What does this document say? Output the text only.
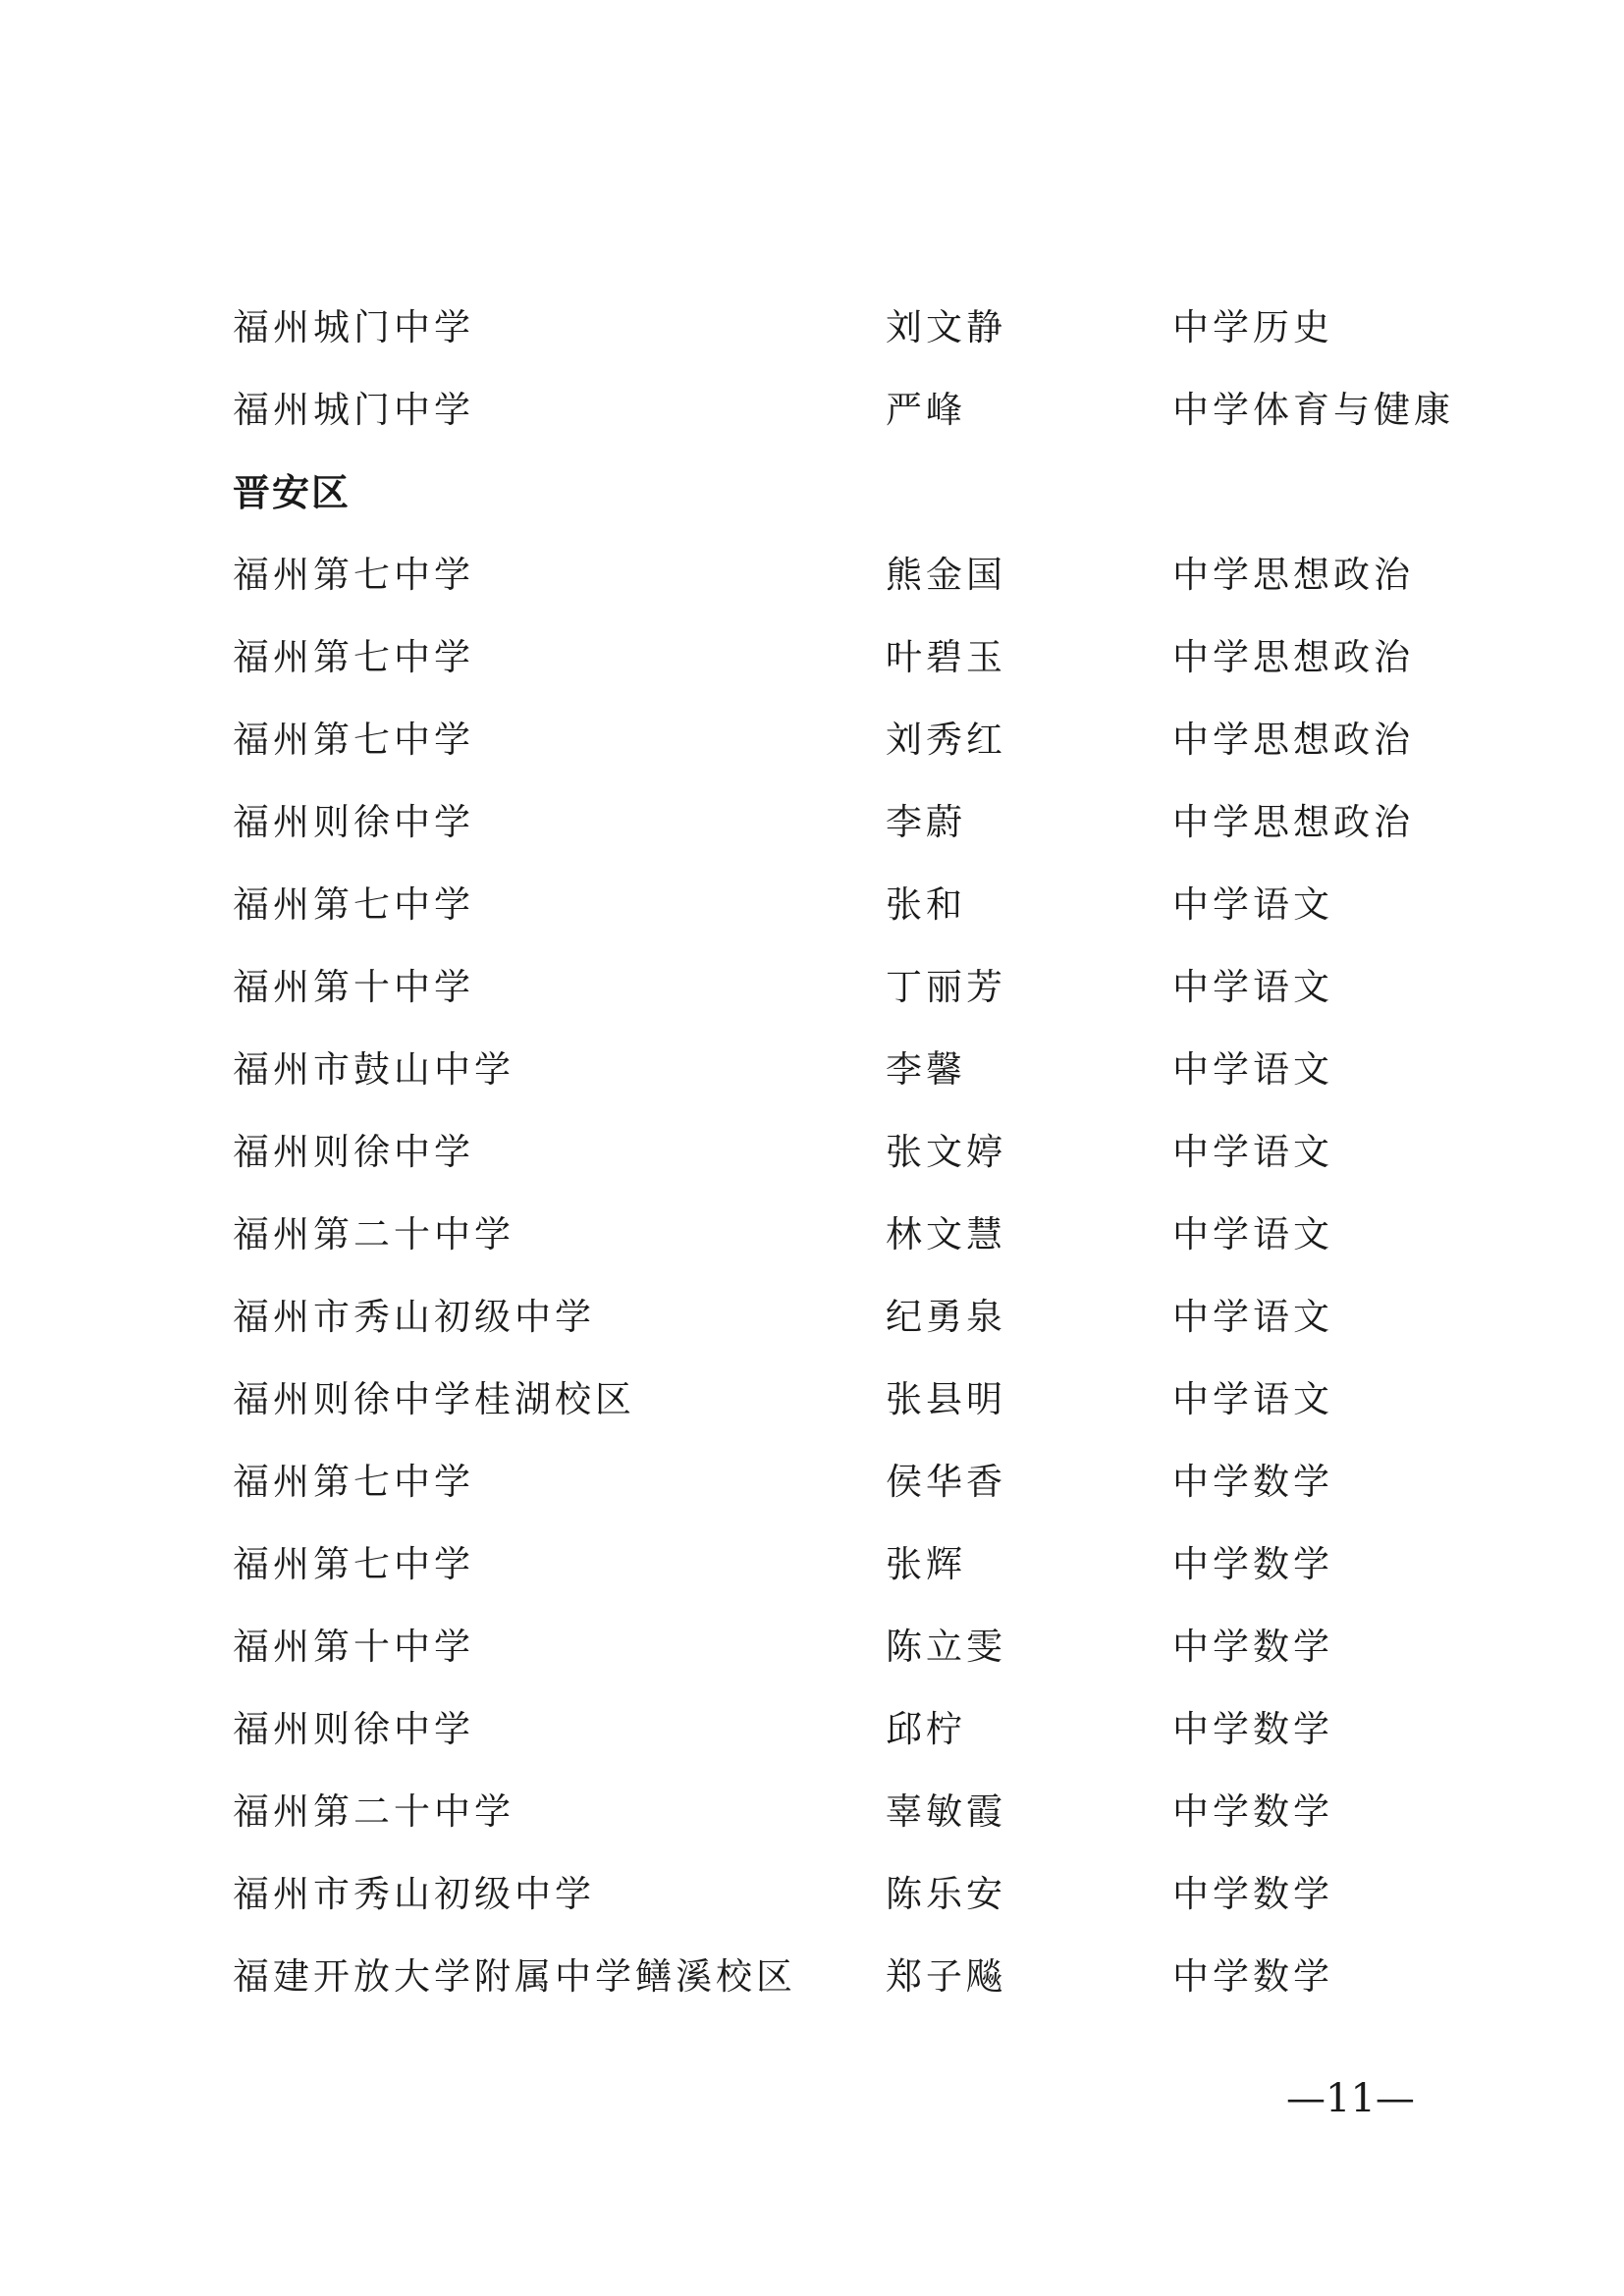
福州城门中学	刘文静	中学历史
福州城门中学	严峰	中学体育与健康
晋安区
福州第七中学	熊金国	中学思想政治
福州第七中学	叶碧玉	中学思想政治
福州第七中学	刘秀红	中学思想政治
福州则徐中学	李蔚	中学思想政治
福州第七中学	张和	中学语文
福州第十中学	丁丽芳	中学语文
福州市鼓山中学	李馨	中学语文
福州则徐中学	张文婷	中学语文
福州第二十中学	林文慧	中学语文
福州市秀山初级中学	纪勇泉	中学语文
福州则徐中学桂湖校区	张县明	中学语文
福州第七中学	侯华香	中学数学
福州第七中学	张辉	中学数学
福州第十中学	陈立雯	中学数学
福州则徐中学	邱柠	中学数学
福州第二十中学	辜敏霞	中学数学
福州市秀山初级中学	陈乐安	中学数学
福建开放大学附属中学鳝溪校区 郑子飚	中学数学
—11—
